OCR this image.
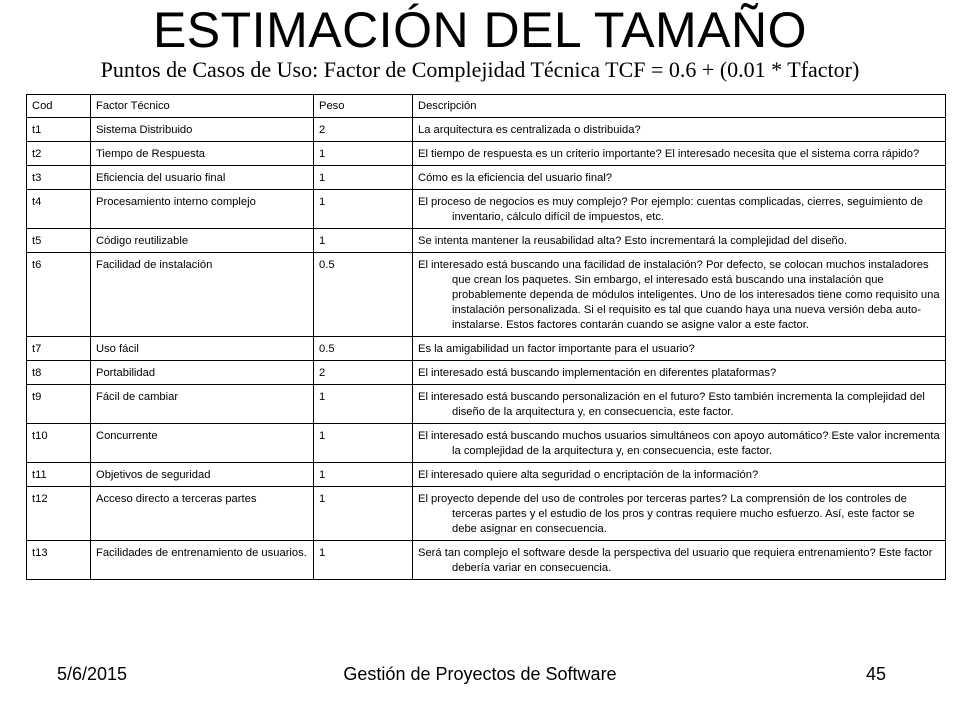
ESTIMACIÓN DEL TAMAÑO
Puntos de Casos de Uso: Factor de Complejidad Técnica TCF = 0.6 + (0.01 * Tfactor)
Cod	Factor Técnico	Peso	Descripción

t1	Sistema Distribuido	2	La arquitectura es centralizada o distribuida?

t2	Tiempo de Respuesta	1	El tiempo de respuesta es un criterio importante? El interesado necesita que el sistema corra rápido?

t3	Eficiencia del usuario final	1	Cómo es la eficiencia del usuario final?

t4	Procesamiento interno complejo	1	El proceso de negocios es muy complejo? Por ejemplo: cuentas complicadas, cierres, seguimiento de inventario, cálculo difícil de impuestos, etc.

t5	Código reutilizable	1	Se intenta mantener la reusabilidad alta? Esto incrementará la complejidad del diseño.

t6	Facilidad de instalación	0.5	El interesado está buscando una facilidad de instalación? Por defecto, se colocan muchos instaladores que crean los paquetes. Sin embargo, el interesado está buscando una instalación que probablemente dependa de módulos inteligentes. Uno de los interesados tiene como requisito una instalación personalizada. Si el requisito es tal que cuando haya una nueva versión deba auto-instalarse. Estos factores contarán cuando se asigne valor a este factor.

t7	Uso fácil	0.5	Es la amigabilidad un factor importante para el usuario?

t8	Portabilidad	2	El interesado está buscando implementación en diferentes plataformas?

t9	Fácil de cambiar	1	El interesado está buscando personalización en el futuro? Esto también incrementa la complejidad del diseño de la arquitectura y, en consecuencia, este factor.

t10	Concurrente	1	El interesado está buscando muchos usuarios simultáneos con apoyo automático? Este valor incrementa la complejidad de la arquitectura y, en consecuencia, este factor.

t11	Objetivos de seguridad	1	El interesado quiere alta seguridad o encriptación de la información?

t12	Acceso directo a terceras partes	1	El proyecto depende del uso de controles por terceras partes? La comprensión de los controles de terceras partes y el estudio de los pros y contras requiere mucho esfuerzo. Así, este factor se debe asignar en consecuencia.

t13	Facilidades de entrenamiento de usuarios.	1	Será tan complejo el software desde la perspectiva del usuario que requiera entrenamiento? Este factor debería variar en consecuencia.
5/6/2015	Gestión de Proyectos de Software	45
